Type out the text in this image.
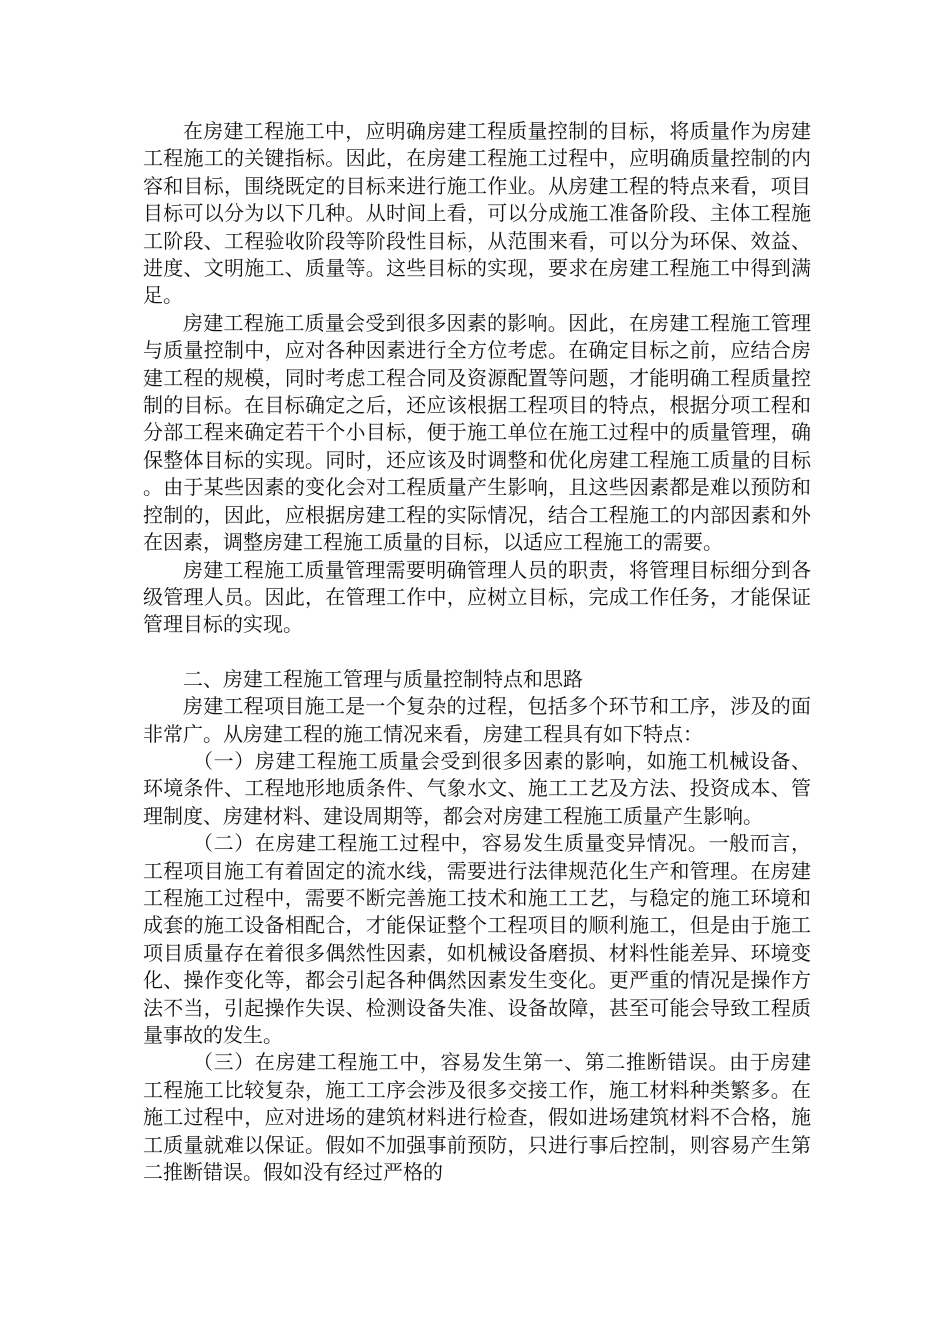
在房建工程施工中，应明确房建工程质量控制的目标，将质量作为房建工程施工的关键指标。因此，在房建工程施工过程中，应明确质量控制的内容和目标，围绕既定的目标来进行施工作业。从房建工程的特点来看，项目目标可以分为以下几种。从时间上看，可以分成施工准备阶段、主体工程施工阶段、工程验收阶段等阶段性目标，从范围来看，可以分为环保、效益、进度、文明施工、质量等。这些目标的实现，要求在房建工程施工中得到满足。

房建工程施工质量会受到很多因素的影响。因此，在房建工程施工管理与质量控制中，应对各种因素进行全方位考虑。在确定目标之前，应结合房建工程的规模，同时考虑工程合同及资源配置等问题，才能明确工程质量控制的目标。在目标确定之后，还应该根据工程项目的特点，根据分项工程和分部工程来确定若干个小目标，便于施工单位在施工过程中的质量管理，确保整体目标的实现。同时，还应该及时调整和优化房建工程施工质量的目标。由于某些因素的变化会对工程质量产生影响，且这些因素都是难以预防和控制的，因此，应根据房建工程的实际情况，结合工程施工的内部因素和外在因素，调整房建工程施工质量的目标，以适应工程施工的需要。

房建工程施工质量管理需要明确管理人员的职责，将管理目标细分到各级管理人员。因此，在管理工作中，应树立目标，完成工作任务，才能保证管理目标的实现。

二、房建工程施工管理与质量控制特点和思路

房建工程项目施工是一个复杂的过程，包括多个环节和工序，涉及的面非常广。从房建工程的施工情况来看，房建工程具有如下特点：

（一）房建工程施工质量会受到很多因素的影响，如施工机械设备、环境条件、工程地形地质条件、气象水文、施工工艺及方法、投资成本、管理制度、房建材料、建设周期等，都会对房建工程施工质量产生影响。

（二）在房建工程施工过程中，容易发生质量变异情况。一般而言，工程项目施工有着固定的流水线，需要进行法律规范化生产和管理。在房建工程施工过程中，需要不断完善施工技术和施工工艺，与稳定的施工环境和成套的施工设备相配合，才能保证整个工程项目的顺利施工，但是由于施工项目质量存在着很多偶然性因素，如机械设备磨损、材料性能差异、环境变化、操作变化等，都会引起各种偶然因素发生变化。更严重的情况是操作方法不当，引起操作失误、检测设备失准、设备故障，甚至可能会导致工程质量事故的发生。

（三）在房建工程施工中，容易发生第一、第二推断错误。由于房建工程施工比较复杂，施工工序会涉及很多交接工作，施工材料种类繁多。在施工过程中，应对进场的建筑材料进行检查，假如进场建筑材料不合格，施工质量就难以保证。假如不加强事前预防，只进行事后控制，则容易产生第二推断错误。假如没有经过严格的
